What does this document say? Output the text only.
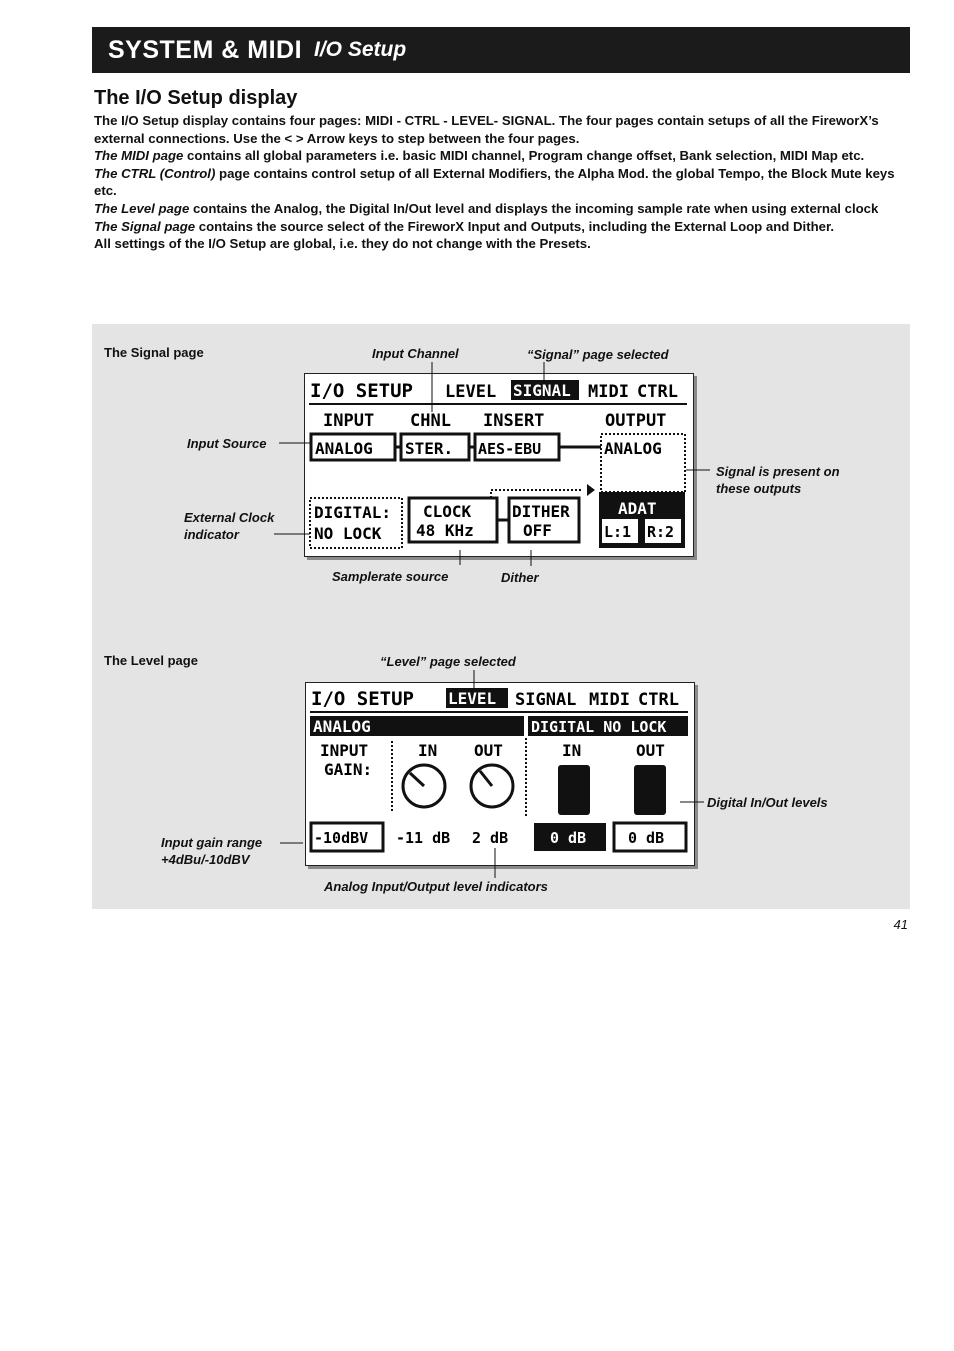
SYSTEM & MIDI I/O Setup
The I/O Setup display

The I/O Setup display contains four pages: MIDI - CTRL - LEVEL- SIGNAL. The four pages contain setups of all the FireworX’s external connections. Use the < > Arrow keys to step between the four pages.

The MIDI page contains all global parameters i.e. basic MIDI channel, Program change offset, Bank selection, MIDI Map etc.

The CTRL (Control) page contains control setup of all External Modifiers, the Alpha Mod. the global Tempo, the Block Mute keys etc.

The Level page contains the Analog, the Digital In/Out level and displays the incoming sample rate when using external clock

The Signal page contains the source select of the FireworX Input and Outputs, including the External Loop and Dither.

All settings of the I/O Setup are global, i.e. they do not change with the Presets.

The Signal page	Input Channel	“Signal” page selected
Input Source
Signal is present on these outputs
External Clock indicator
Samplerate source	Dither
I/O SETUP LEVEL SIGNAL MIDI CTRL
INPUT CHNL INSERT	OUTPUT
ANALOG STER. AES-EBU	ANALOG
DIGITAL:
NO LOCK
CLOCK
48 KHz
DITHER
OFF
ADAT
L:1 R:2
The Level page	“Level” page selected
Digital In/Out levels
Input gain range
+4dBu/-10dBV
Analog Input/Output level indicators
I/O SETUP LEVEL SIGNAL MIDI CTRL
ANALOG	DIGITAL NO LOCK
INPUT
GAIN:
IN OUT	IN	OUT
-10dBV -11 dB 2 dB	0 dB	0 dB
41
